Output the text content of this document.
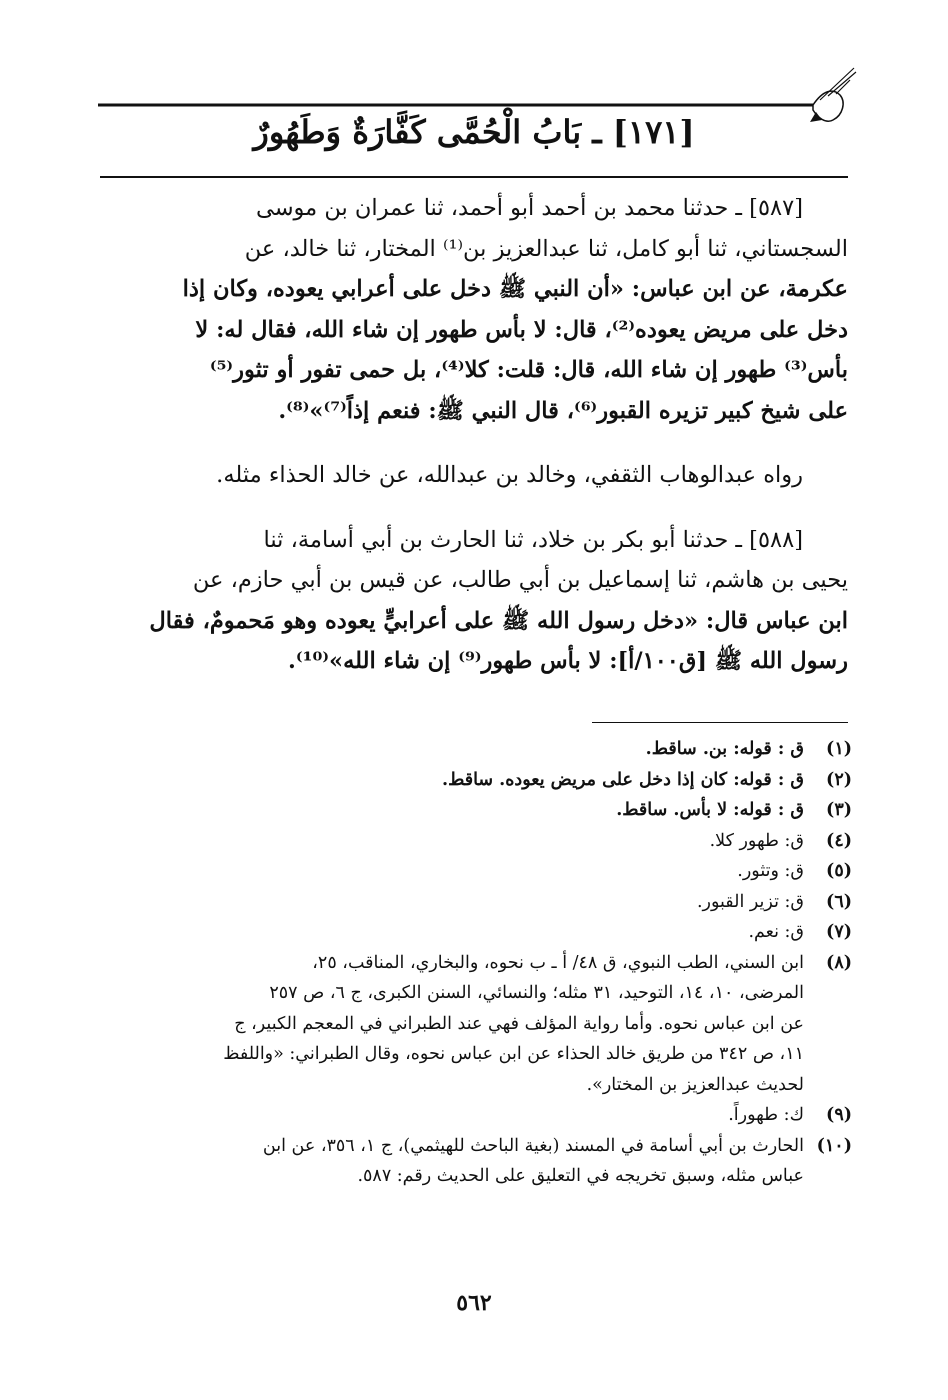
[١٧١] ـ بَابُ الْحُمَّى كَفَّارَةٌ وَطَهُورٌ

[٥٨٧] ـ حدثنا محمد بن أحمد أبو أحمد، ثنا عمران بن موسى

السجستاني، ثنا أبو كامل، ثنا عبدالعزيز بن⁽¹⁾ المختار، ثنا خالد، عن

عكرمة، عن ابن عباس: «أن النبي ﷺ دخل على أعرابي يعوده، وكان إذا

دخل على مريض يعوده⁽²⁾، قال: لا بأس طهور إن شاء الله، فقال له: لا

بأس⁽³⁾ طهور إن شاء الله، قال: قلت: كلا⁽⁴⁾، بل حمى تفور أو تثور⁽⁵⁾

على شيخ كبير تزيره القبور⁽⁶⁾، قال النبي ﷺ: فنعم إذاً⁽⁷⁾»⁽⁸⁾.

رواه عبدالوهاب الثقفي، وخالد بن عبدالله، عن خالد الحذاء مثله.

[٥٨٨] ـ حدثنا أبو بكر بن خلاد، ثنا الحارث بن أبي أسامة، ثنا

يحيى بن هاشم، ثنا إسماعيل بن أبي طالب، عن قيس بن أبي حازم، عن

ابن عباس قال: «دخل رسول الله ﷺ على أعرابيٍّ يعوده وهو مَحمومٌ، فقال

رسول الله ﷺ [ق١٠٠/أ]: لا بأس طهور⁽⁹⁾ إن شاء الله»⁽¹⁰⁾.

(١)
ق : قوله: بن. ساقط.
(٢)
ق : قوله: كان إذا دخل على مريض يعوده. ساقط.
(٣)
ق : قوله: لا بأس. ساقط.
(٤)
ق: طهور كلا.
(٥)
ق: وتثور.
(٦)
ق: تزير القبور.
(٧)
ق: نعم.
(٨)
ابن السني، الطب النبوي، ق ٤٨/ أ ـ ب نحوه، والبخاري، المناقب، ٢٥،
المرضى، ١٠، ١٤، التوحيد، ٣١ مثله؛ والنسائي، السنن الكبرى، ج ٦، ص ٢٥٧
عن ابن عباس نحوه. وأما رواية المؤلف فهي عند الطبراني في المعجم الكبير، ج
١١، ص ٣٤٢ من طريق خالد الحذاء عن ابن عباس نحوه، وقال الطبراني: «واللفظ
لحديث عبدالعزيز بن المختار».
(٩)
ك: طهوراً.
(١٠)
الحارث بن أبي أسامة في المسند (بغية الباحث للهيثمي)، ج ١، ٣٥٦، عن ابن
عباس مثله، وسبق تخريجه في التعليق على الحديث رقم: ٥٨٧.
٥٦٢
